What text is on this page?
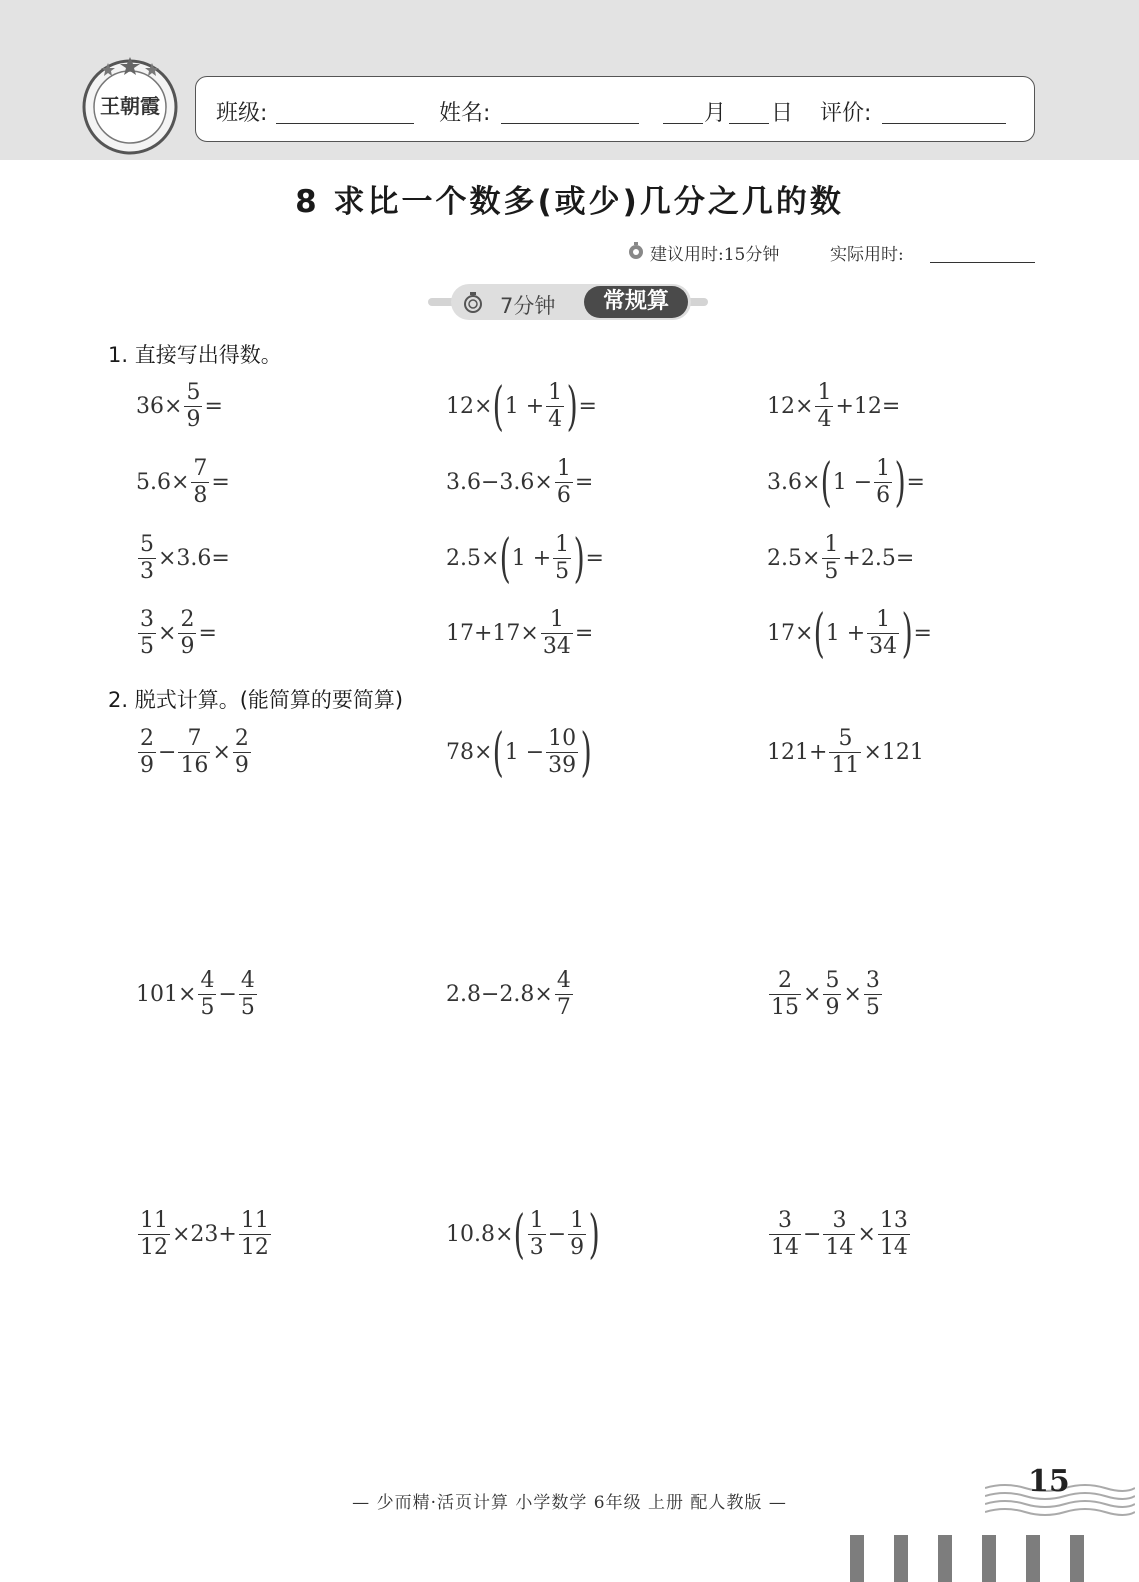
王朝霞	班级:	姓名:	月 日 评价:
8 求比一个数多(或少)几分之几的数
建议用时:15分钟	实际用时:
7分钟	常规算
1. 直接写出得数。
2. 脱式计算。(能简算的要简算)
$36\times \frac{5}{9}$ =	12× ( $1 + \frac{1}{4}$ ) =	$12\times \frac{1}{4} +12=$
$5.6\times \frac{7}{8}$ =	$3.6-3.6\times \frac{1}{6}$ =	3.6× ( $1 - \frac{1}{6}$ ) =
$\frac{5}{3} \times 3.6=$	2.5× ( $1 + \frac{1}{5}$ ) =	$2.5\times \frac{1}{5} +2.5=$
$\frac{3}{5} \times \frac{2}{9}$ =	$17+17\times \frac{1}{34}$ =	17× ( $1 + \frac{1}{34}$ ) =
$\frac{2}{9} - \frac{7}{16} \times \frac{2}{9}$	78× ( $1 - \frac{10}{39}$ )	$121+ \frac{5}{11} \times 121$
$101\times \frac{4}{5} - \frac{4}{5}$	$2.8-2.8\times \frac{4}{7}$	$\frac{2}{15} \times \frac{5}{9} \times \frac{3}{5}$
$\frac{11}{12} \times 23+ \frac{11}{12}$	10.8× ( $\frac{1}{3} - \frac{1}{9}$ )	$\frac{3}{14} - \frac{3}{14} \times \frac{13}{14}$
— 少而精·活页计算 小学数学 6年级 上册 配人教版 —
15
